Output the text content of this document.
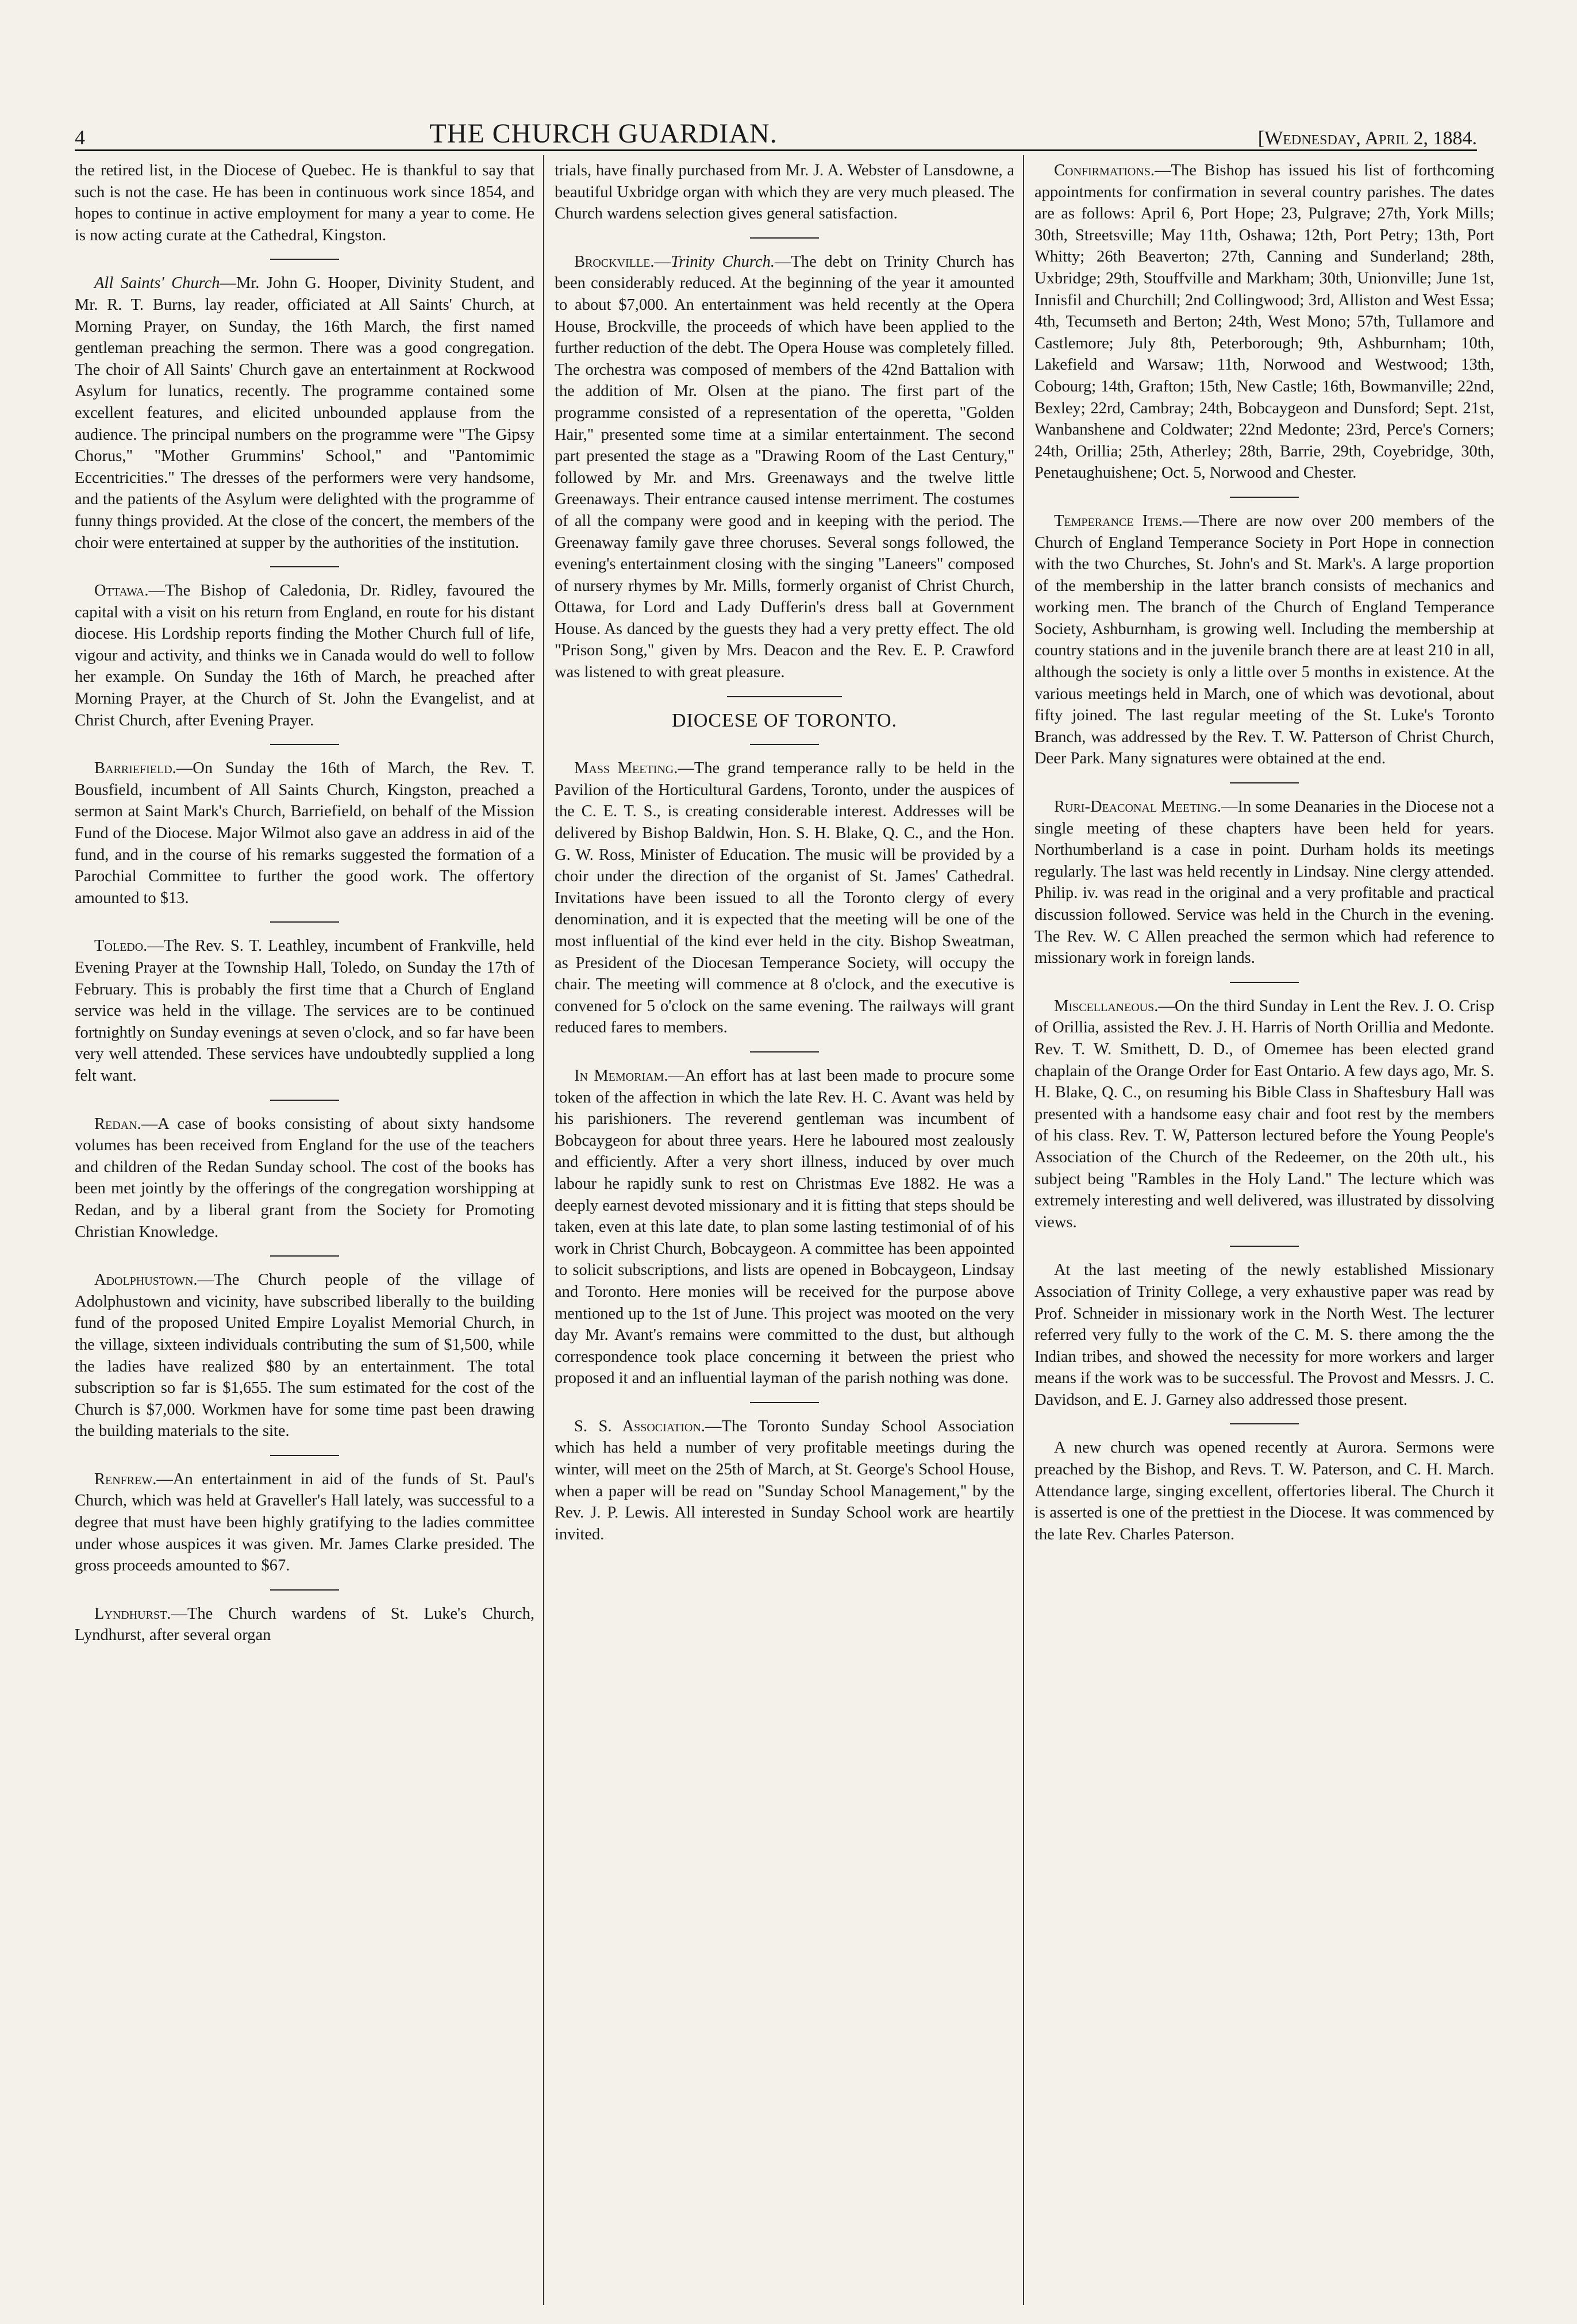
4	THE CHURCH GUARDIAN.	[Wednesday, April 2, 1884.

the retired list, in the Diocese of Quebec. He is thankful to say that such is not the case. He has been in continuous work since 1854, and hopes to continue in active employment for many a year to come. He is now acting curate at the Cathedral, Kingston.

All Saints' Church—Mr. John G. Hooper, Divinity Student, and Mr. R. T. Burns, lay reader, officiated at All Saints' Church, at Morning Prayer, on Sunday, the 16th March, the first named gentleman preaching the sermon. There was a good congregation. The choir of All Saints' Church gave an entertainment at Rockwood Asylum for lunatics, recently. The programme contained some excellent features, and elicited unbounded applause from the audience. The principal numbers on the programme were "The Gipsy Chorus," "Mother Grummins' School," and "Pantomimic Eccentricities." The dresses of the performers were very handsome, and the patients of the Asylum were delighted with the programme of funny things provided. At the close of the concert, the members of the choir were entertained at supper by the authorities of the institution.

Ottawa.—The Bishop of Caledonia, Dr. Ridley, favoured the capital with a visit on his return from England, en route for his distant diocese. His Lordship reports finding the Mother Church full of life, vigour and activity, and thinks we in Canada would do well to follow her example. On Sunday the 16th of March, he preached after Morning Prayer, at the Church of St. John the Evangelist, and at Christ Church, after Evening Prayer.

Barriefield.—On Sunday the 16th of March, the Rev. T. Bousfield, incumbent of All Saints Church, Kingston, preached a sermon at Saint Mark's Church, Barriefield, on behalf of the Mission Fund of the Diocese. Major Wilmot also gave an address in aid of the fund, and in the course of his remarks suggested the formation of a Parochial Committee to further the good work. The offertory amounted to $13.

Toledo.—The Rev. S. T. Leathley, incumbent of Frankville, held Evening Prayer at the Township Hall, Toledo, on Sunday the 17th of February. This is probably the first time that a Church of England service was held in the village. The services are to be continued fortnightly on Sunday evenings at seven o'clock, and so far have been very well attended. These services have undoubtedly supplied a long felt want.

Redan.—A case of books consisting of about sixty handsome volumes has been received from England for the use of the teachers and children of the Redan Sunday school. The cost of the books has been met jointly by the offerings of the congregation worshipping at Redan, and by a liberal grant from the Society for Promoting Christian Knowledge.

Adolphustown.—The Church people of the village of Adolphustown and vicinity, have subscribed liberally to the building fund of the proposed United Empire Loyalist Memorial Church, in the village, sixteen individuals contributing the sum of $1,500, while the ladies have realized $80 by an entertainment. The total subscription so far is $1,655. The sum estimated for the cost of the Church is $7,000. Workmen have for some time past been drawing the building materials to the site.

Renfrew.—An entertainment in aid of the funds of St. Paul's Church, which was held at Graveller's Hall lately, was successful to a degree that must have been highly gratifying to the ladies committee under whose auspices it was given. Mr. James Clarke presided. The gross proceeds amounted to $67.

Lyndhurst.—The Church wardens of St. Luke's Church, Lyndhurst, after several organ

trials, have finally purchased from Mr. J. A. Webster of Lansdowne, a beautiful Uxbridge organ with which they are very much pleased. The Church wardens selection gives general satisfaction.

Brockville.—Trinity Church.—The debt on Trinity Church has been considerably reduced. At the beginning of the year it amounted to about $7,000. An entertainment was held recently at the Opera House, Brockville, the proceeds of which have been applied to the further reduction of the debt. The Opera House was completely filled. The orchestra was composed of members of the 42nd Battalion with the addition of Mr. Olsen at the piano. The first part of the programme consisted of a representation of the operetta, "Golden Hair," presented some time at a similar entertainment. The second part presented the stage as a "Drawing Room of the Last Century," followed by Mr. and Mrs. Greenaways and the twelve little Greenaways. Their entrance caused intense merriment. The costumes of all the company were good and in keeping with the period. The Greenaway family gave three choruses. Several songs followed, the evening's entertainment closing with the singing "Laneers" composed of nursery rhymes by Mr. Mills, formerly organist of Christ Church, Ottawa, for Lord and Lady Dufferin's dress ball at Government House. As danced by the guests they had a very pretty effect. The old "Prison Song," given by Mrs. Deacon and the Rev. E. P. Crawford was listened to with great pleasure.

DIOCESE OF TORONTO.

Mass Meeting.—The grand temperance rally to be held in the Pavilion of the Horticultural Gardens, Toronto, under the auspices of the C. E. T. S., is creating considerable interest. Addresses will be delivered by Bishop Baldwin, Hon. S. H. Blake, Q. C., and the Hon. G. W. Ross, Minister of Education. The music will be provided by a choir under the direction of the organist of St. James' Cathedral. Invitations have been issued to all the Toronto clergy of every denomination, and it is expected that the meeting will be one of the most influential of the kind ever held in the city. Bishop Sweatman, as President of the Diocesan Temperance Society, will occupy the chair. The meeting will commence at 8 o'clock, and the executive is convened for 5 o'clock on the same evening. The railways will grant reduced fares to members.

In Memoriam.—An effort has at last been made to procure some token of the affection in which the late Rev. H. C. Avant was held by his parishioners. The reverend gentleman was incumbent of Bobcaygeon for about three years. Here he laboured most zealously and efficiently. After a very short illness, induced by over much labour he rapidly sunk to rest on Christmas Eve 1882. He was a deeply earnest devoted missionary and it is fitting that steps should be taken, even at this late date, to plan some lasting testimonial of of his work in Christ Church, Bobcaygeon. A committee has been appointed to solicit subscriptions, and lists are opened in Bobcaygeon, Lindsay and Toronto. Here monies will be received for the purpose above mentioned up to the 1st of June. This project was mooted on the very day Mr. Avant's remains were committed to the dust, but although correspondence took place concerning it between the priest who proposed it and an influential layman of the parish nothing was done.

S. S. Association.—The Toronto Sunday School Association which has held a number of very profitable meetings during the winter, will meet on the 25th of March, at St. George's School House, when a paper will be read on "Sunday School Management," by the Rev. J. P. Lewis. All interested in Sunday School work are heartily invited.

Confirmations.—The Bishop has issued his list of forthcoming appointments for confirmation in several country parishes. The dates are as follows: April 6, Port Hope; 23, Pulgrave; 27th, York Mills; 30th, Streetsville; May 11th, Oshawa; 12th, Port Petry; 13th, Port Whitty; 26th Beaverton; 27th, Canning and Sunderland; 28th, Uxbridge; 29th, Stouffville and Markham; 30th, Unionville; June 1st, Innisfil and Churchill; 2nd Collingwood; 3rd, Alliston and West Essa; 4th, Tecumseth and Berton; 24th, West Mono; 57th, Tullamore and Castlemore; July 8th, Peterborough; 9th, Ashburnham; 10th, Lakefield and Warsaw; 11th, Norwood and Westwood; 13th, Cobourg; 14th, Grafton; 15th, New Castle; 16th, Bowmanville; 22nd, Bexley; 22rd, Cambray; 24th, Bobcaygeon and Dunsford; Sept. 21st, Wanbanshene and Coldwater; 22nd Medonte; 23rd, Perce's Corners; 24th, Orillia; 25th, Atherley; 28th, Barrie, 29th, Coyebridge, 30th, Penetaughuishene; Oct. 5, Norwood and Chester.

Temperance Items.—There are now over 200 members of the Church of England Temperance Society in Port Hope in connection with the two Churches, St. John's and St. Mark's. A large proportion of the membership in the latter branch consists of mechanics and working men. The branch of the Church of England Temperance Society, Ashburnham, is growing well. Including the membership at country stations and in the juvenile branch there are at least 210 in all, although the society is only a little over 5 months in existence. At the various meetings held in March, one of which was devotional, about fifty joined. The last regular meeting of the St. Luke's Toronto Branch, was addressed by the Rev. T. W. Patterson of Christ Church, Deer Park. Many signatures were obtained at the end.

Ruri-Deaconal Meeting.—In some Deanaries in the Diocese not a single meeting of these chapters have been held for years. Northumberland is a case in point. Durham holds its meetings regularly. The last was held recently in Lindsay. Nine clergy attended. Philip. iv. was read in the original and a very profitable and practical discussion followed. Service was held in the Church in the evening. The Rev. W. C Allen preached the sermon which had reference to missionary work in foreign lands.

Miscellaneous.—On the third Sunday in Lent the Rev. J. O. Crisp of Orillia, assisted the Rev. J. H. Harris of North Orillia and Medonte. Rev. T. W. Smithett, D. D., of Omemee has been elected grand chaplain of the Orange Order for East Ontario. A few days ago, Mr. S. H. Blake, Q. C., on resuming his Bible Class in Shaftesbury Hall was presented with a handsome easy chair and foot rest by the members of his class. Rev. T. W, Patterson lectured before the Young People's Association of the Church of the Redeemer, on the 20th ult., his subject being "Rambles in the Holy Land." The lecture which was extremely interesting and well delivered, was illustrated by dissolving views.

At the last meeting of the newly established Missionary Association of Trinity College, a very exhaustive paper was read by Prof. Schneider in missionary work in the North West. The lecturer referred very fully to the work of the C. M. S. there among the the Indian tribes, and showed the necessity for more workers and larger means if the work was to be successful. The Provost and Messrs. J. C. Davidson, and E. J. Garney also addressed those present.

A new church was opened recently at Aurora. Sermons were preached by the Bishop, and Revs. T. W. Paterson, and C. H. March. Attendance large, singing excellent, offertories liberal. The Church it is asserted is one of the prettiest in the Diocese. It was commenced by the late Rev. Charles Paterson.
